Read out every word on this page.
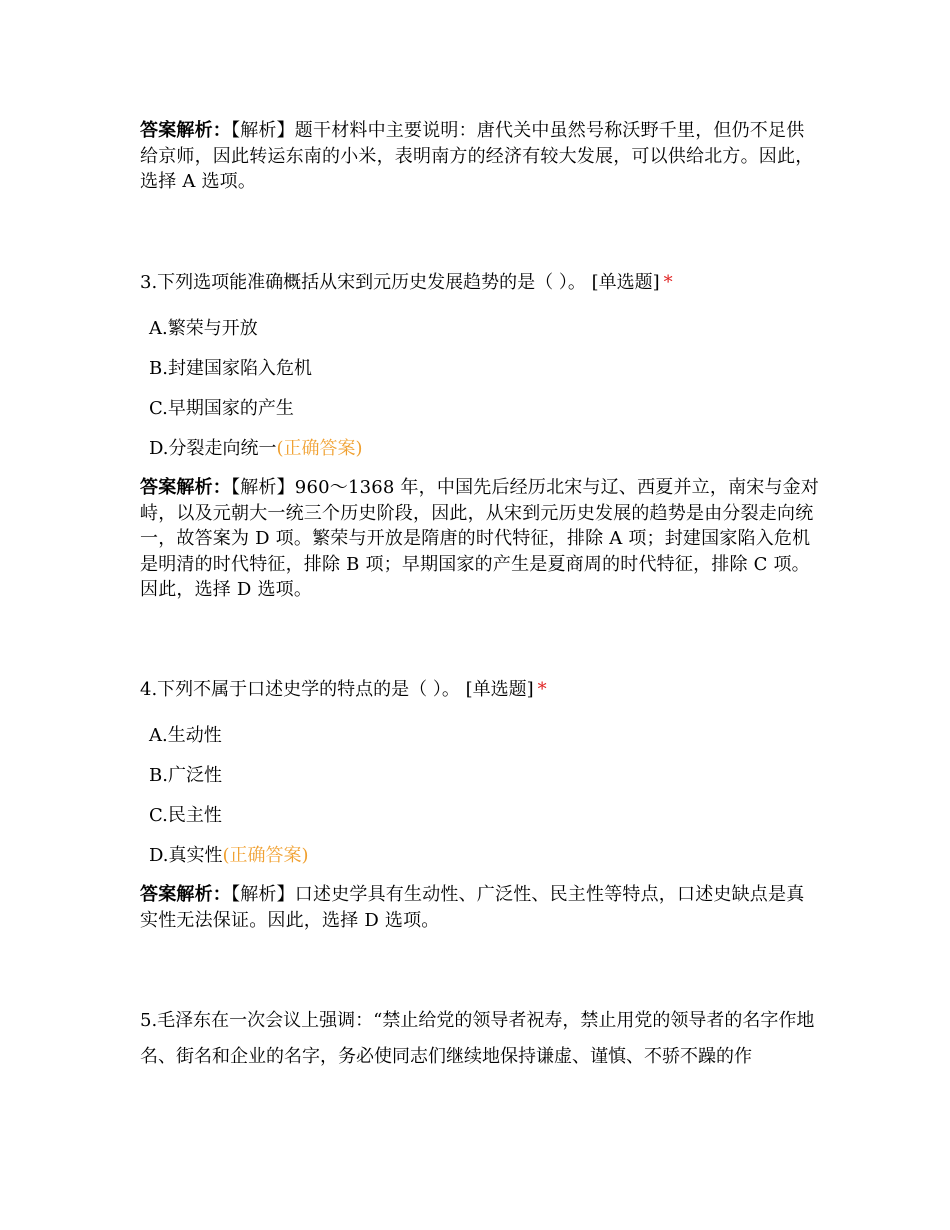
答案解析：【解析】题干材料中主要说明：唐代关中虽然号称沃野千里，但仍不足供给京师，因此转运东南的小米，表明南方的经济有较大发展，可以供给北方。因此，选择 A 选项。
3.下列选项能准确概括从宋到元历史发展趋势的是（ ）。 [单选题] *
A.繁荣与开放
B.封建国家陷入危机
C.早期国家的产生
D.分裂走向统一(正确答案)
答案解析：【解析】960～1368 年，中国先后经历北宋与辽、西夏并立，南宋与金对峙，以及元朝大一统三个历史阶段，因此，从宋到元历史发展的趋势是由分裂走向统一，故答案为 D 项。繁荣与开放是隋唐的时代特征，排除 A 项；封建国家陷入危机是明清的时代特征，排除 B 项；早期国家的产生是夏商周的时代特征，排除 C 项。因此，选择 D 选项。
4.下列不属于口述史学的特点的是（ ）。 [单选题] *
A.生动性
B.广泛性
C.民主性
D.真实性(正确答案)
答案解析：【解析】口述史学具有生动性、广泛性、民主性等特点，口述史缺点是真实性无法保证。因此，选择 D 选项。
5.毛泽东在一次会议上强调：“禁止给党的领导者祝寿，禁止用党的领导者的名字作地名、街名和企业的名字，务必使同志们继续地保持谦虚、谨慎、不骄不躁的作
